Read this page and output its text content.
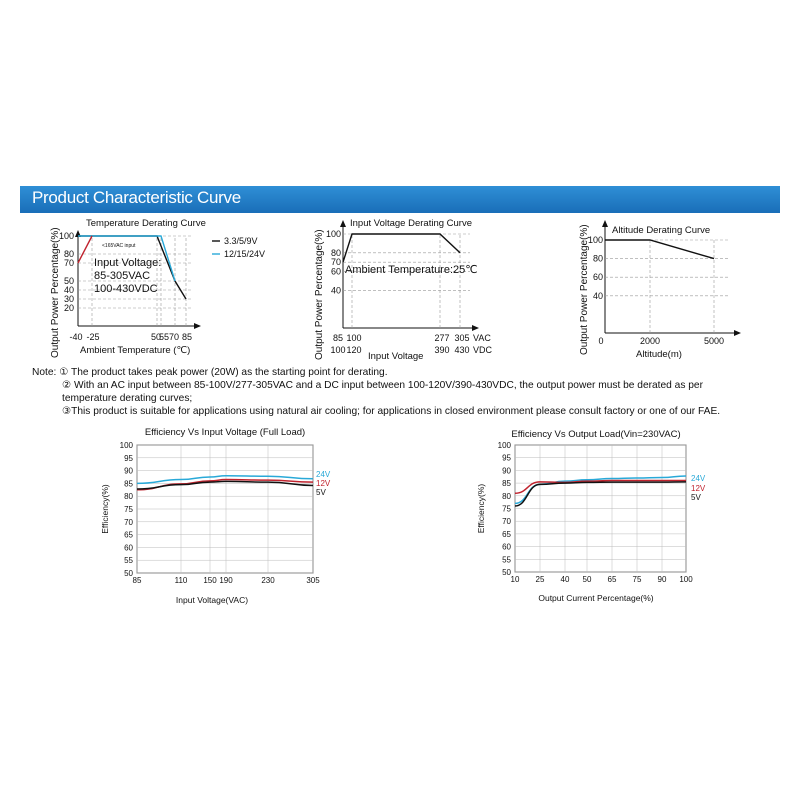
Product Characteristic Curve
Temperature Derating Curve
100
80
70
50
40
30
20
-40 -25	50
55 70 85
Ambient Temperature (℃)
Output Power Percentage(%)	<165VAC input
Input Voltage:
85-305VAC
100-430VDC
3.3/5/9V
12/15/24V
Input Voltage Derating Curve
100
80
70
60
40
85 100	277 305
100 120	390 430
VAC
VDC
Input Voltage
Output Power Percentage(%) Ambient Temperature:25℃
Altitude Derating Curve
100
80
60
40
0	2000	5000
Altitude(m)
Output Power Percentage(%)
100
95
90
85
80
75
70
65
60
55
50
85	110 150 190	230	305
Efficiency Vs Input Voltage (Full Load)
Input Voltage(VAC)
Efficiency(%)
24V
12V
5V
100
95
90
85
80
75
70
65
60
55
50
10 25 40 50 65 75 90 100
Efficiency Vs Output Load(Vin=230VAC)
Output Current Percentage(%)
Efficiency(%)
24V
12V
5V
Note: ① The product takes peak power (20W) as the starting point for derating.
② With an AC input between 85-100V/277-305VAC and a DC input between 100-120V/390-430VDC, the output power must be derated as per
temperature derating curves;
③This product is suitable for applications using natural air cooling; for applications in closed environment please consult factory or one of our FAE.
